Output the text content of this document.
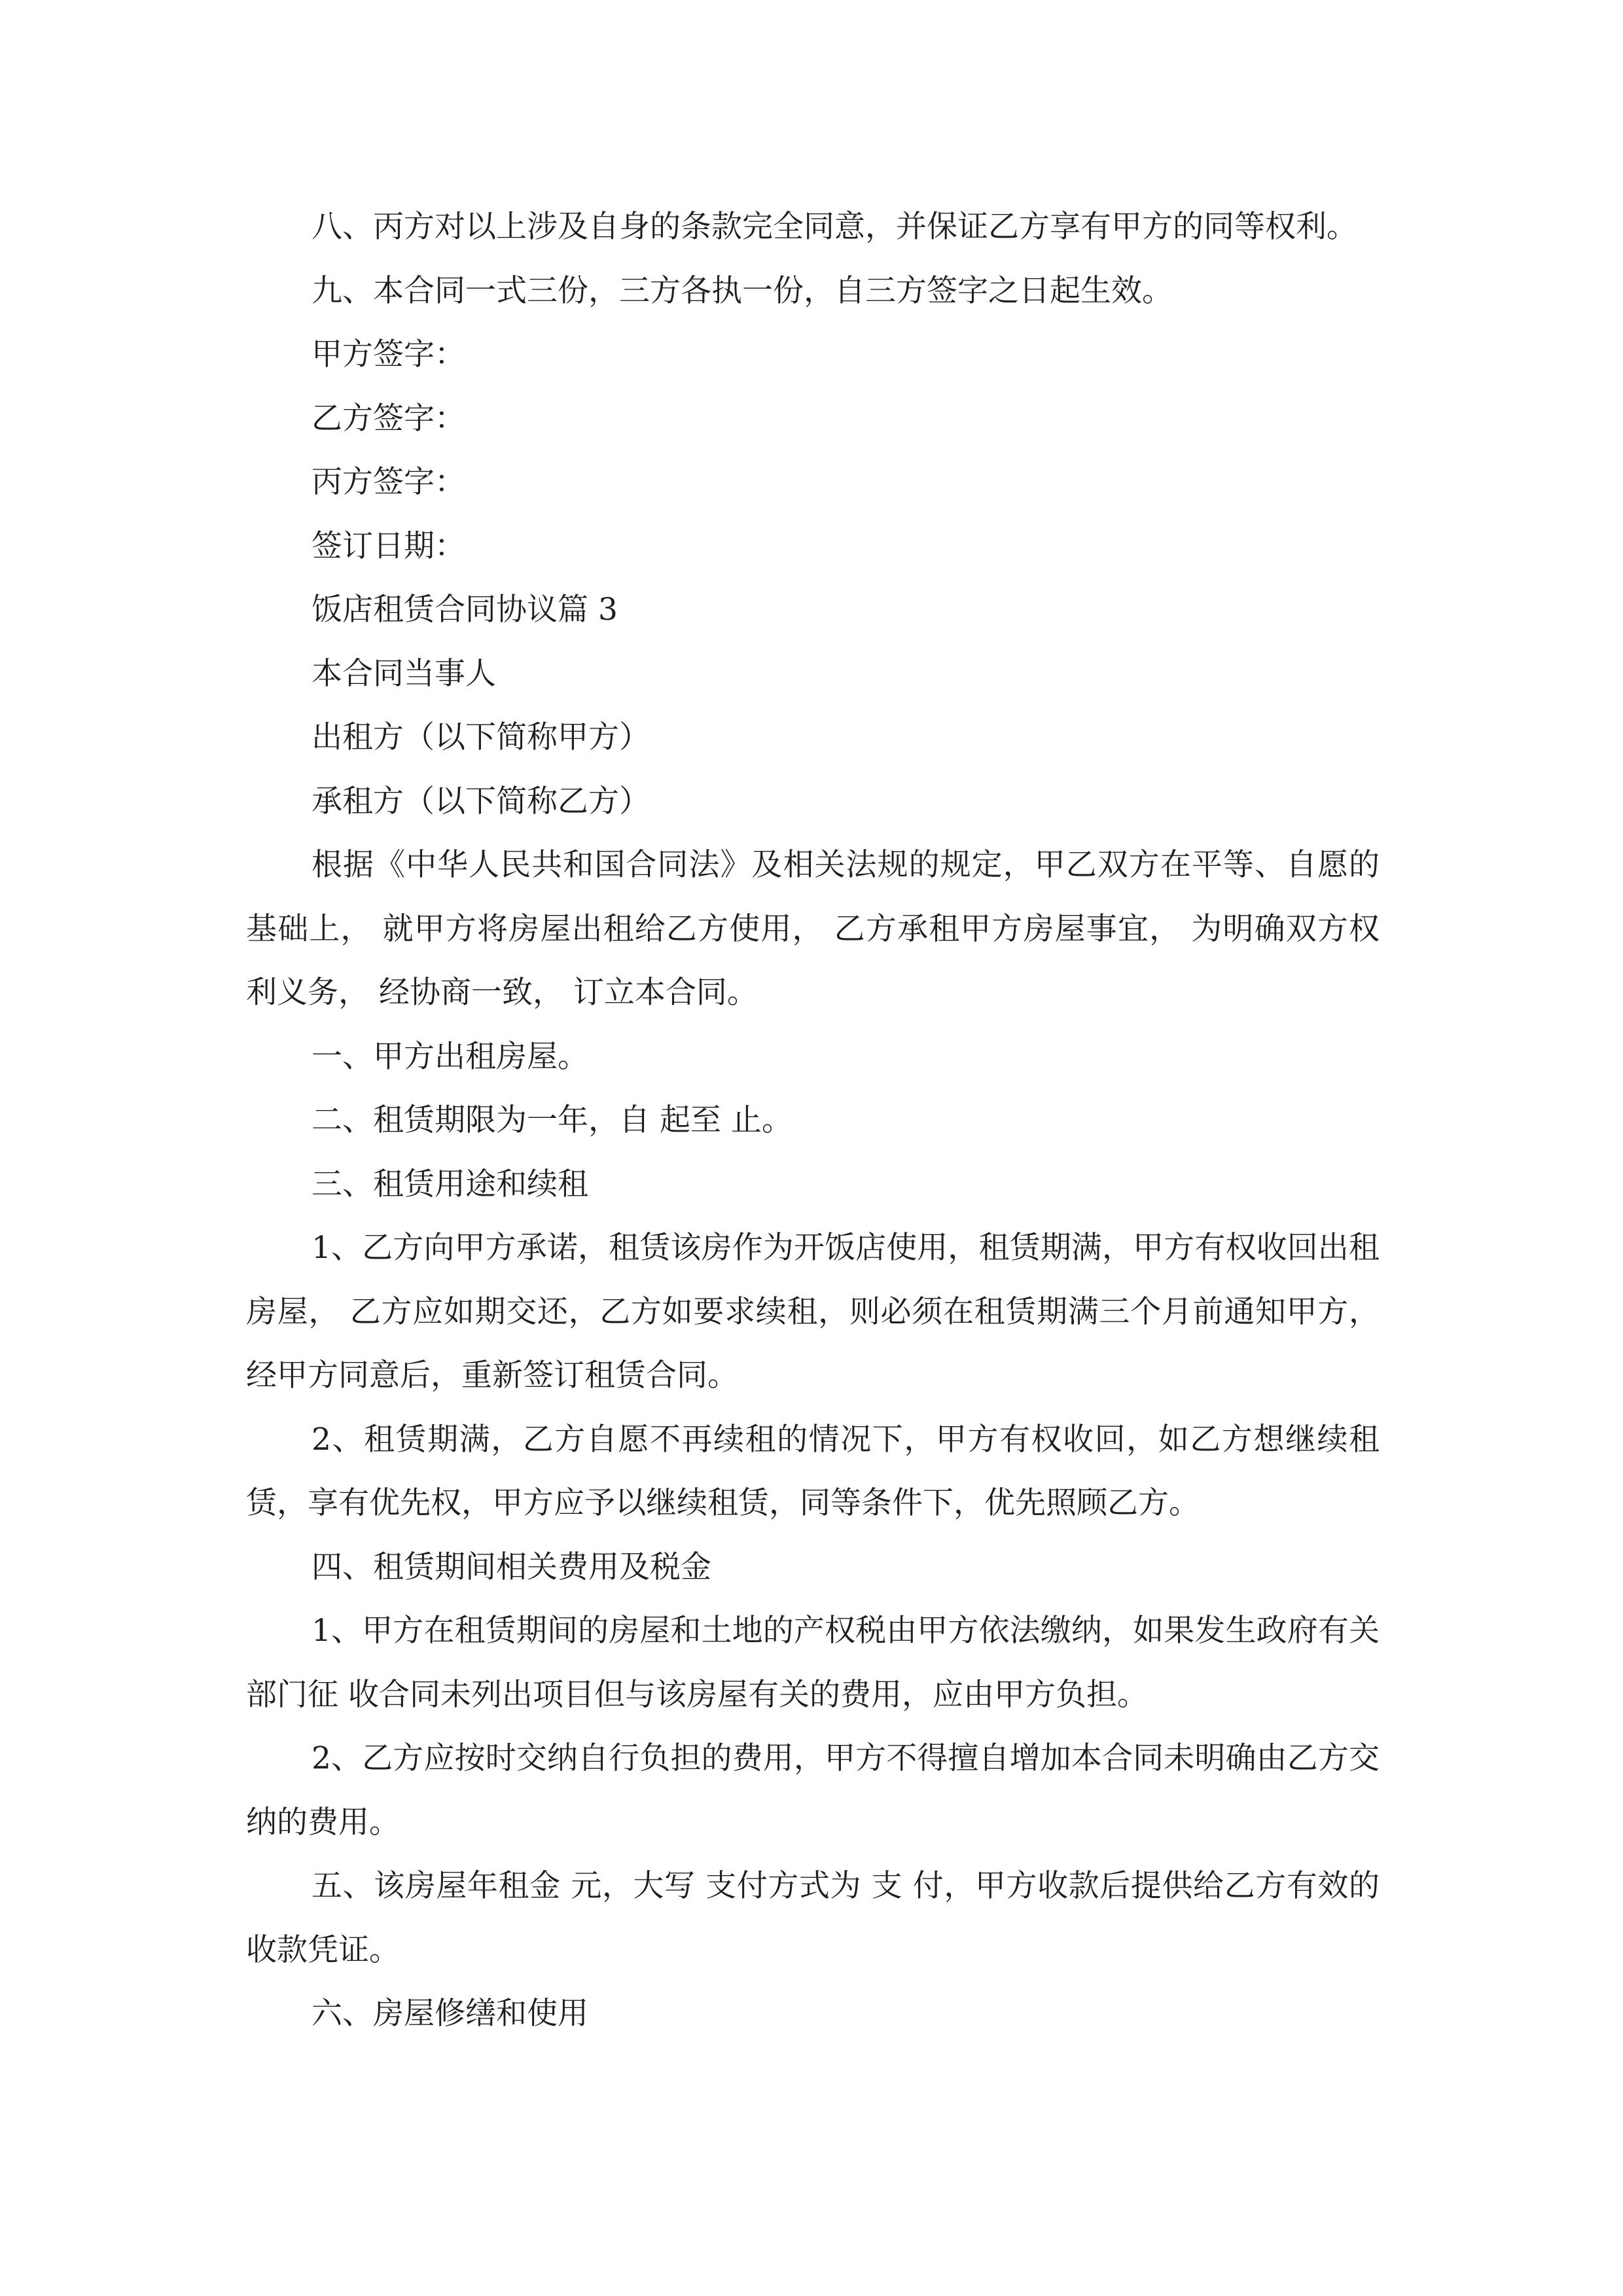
八、丙方对以上涉及自身的条款完全同意，并保证乙方享有甲方的同等权利。

九、本合同一式三份，三方各执一份，自三方签字之日起生效。

甲方签字：

乙方签字：

丙方签字：

签订日期：

饭店租赁合同协议篇 3

本合同当事人

出租方（以下简称甲方）

承租方（以下简称乙方）

根据《中华人民共和国合同法》及相关法规的规定，甲乙双方在平等、自愿的基础上， 就甲方将房屋出租给乙方使用， 乙方承租甲方房屋事宜， 为明确双方权利义务， 经协商一致， 订立本合同。

一、甲方出租房屋。

二、租赁期限为一年，自 起至 止。

三、租赁用途和续租

1、乙方向甲方承诺，租赁该房作为开饭店使用，租赁期满，甲方有权收回出租房屋， 乙方应如期交还，乙方如要求续租，则必须在租赁期满三个月前通知甲方，经甲方同意后，重新签订租赁合同。

2、租赁期满，乙方自愿不再续租的情况下，甲方有权收回，如乙方想继续租赁，享有优先权，甲方应予以继续租赁，同等条件下，优先照顾乙方。

四、租赁期间相关费用及税金

1、甲方在租赁期间的房屋和土地的产权税由甲方依法缴纳，如果发生政府有关部门征 收合同未列出项目但与该房屋有关的费用，应由甲方负担。

2、乙方应按时交纳自行负担的费用，甲方不得擅自增加本合同未明确由乙方交纳的费用。

五、该房屋年租金 元，大写 支付方式为 支 付，甲方收款后提供给乙方有效的收款凭证。

六、房屋修缮和使用
